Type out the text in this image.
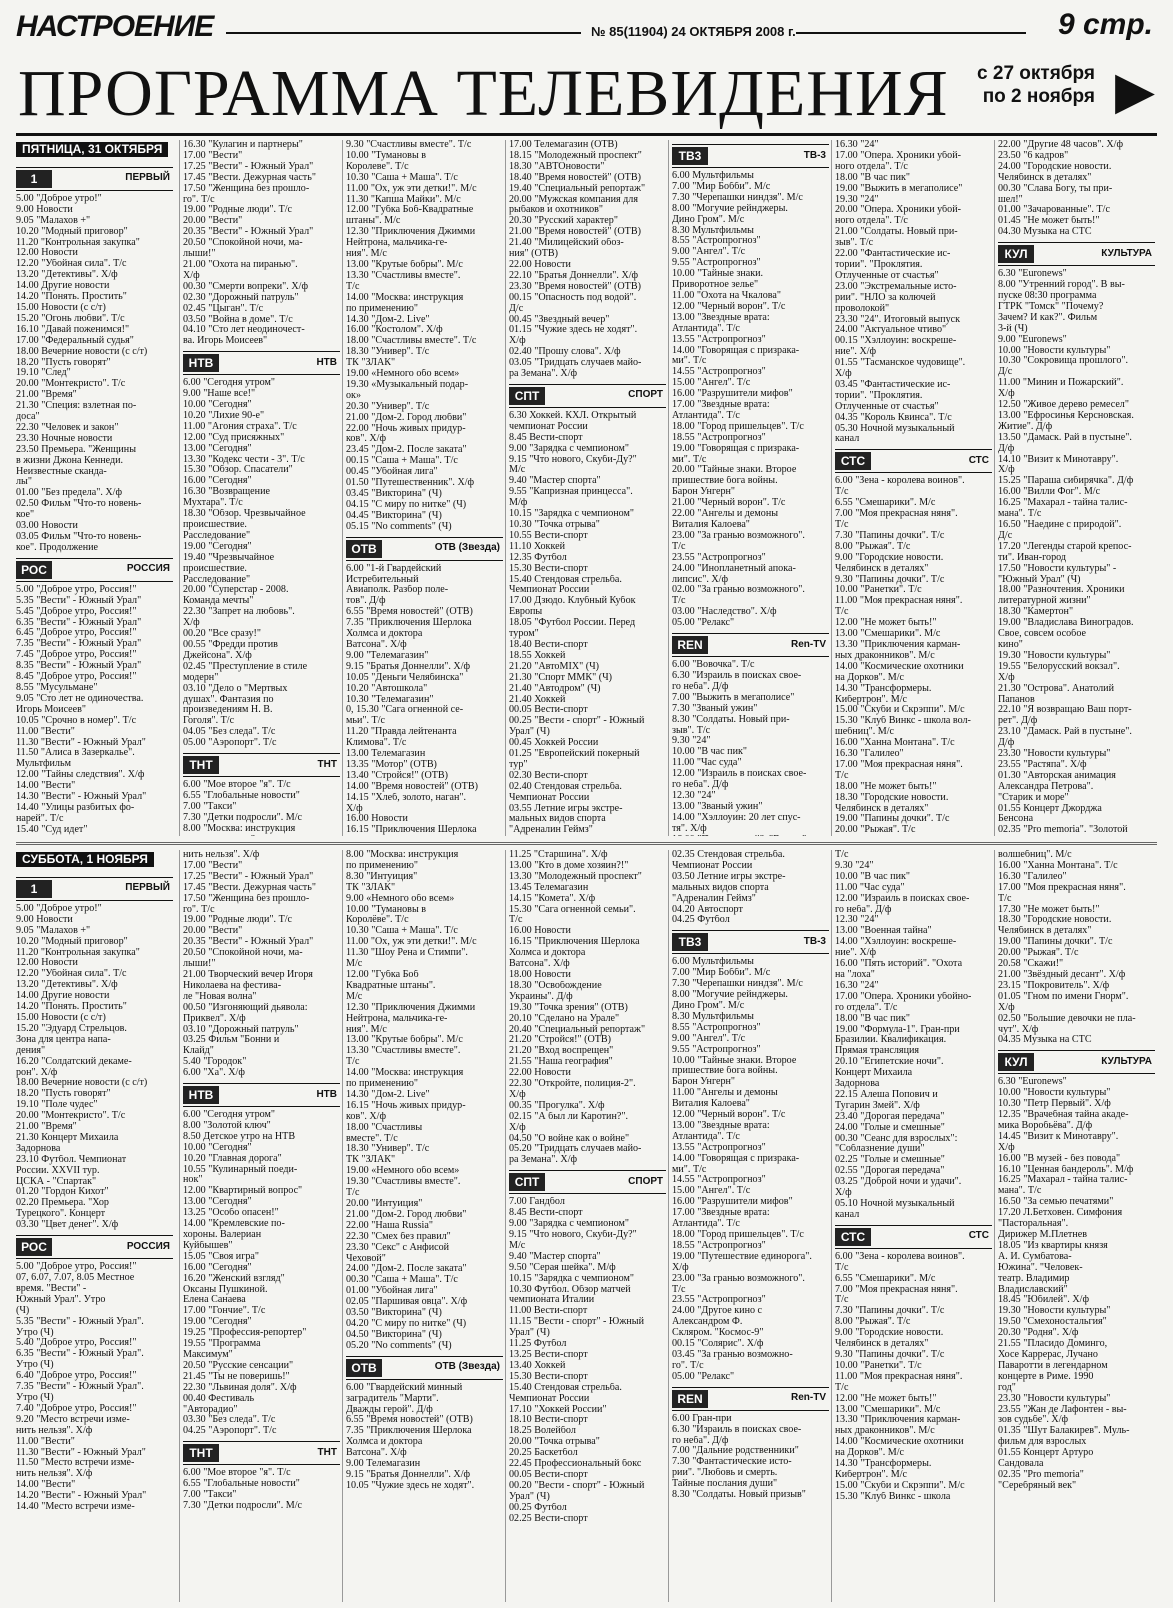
НАСТРОЕНИЕ	№ 85(11904) 24 ОКТЯБРЯ 2008 г.	9 стр.
ПРОГРАММА ТЕЛЕВИДЕНИЯ с 27 октября
по 2 ноября ▶
ПЯТНИЦА, 31 ОКТЯБРЯ
1	ПЕРВЫЙ
5.00 "Доброе утро!"
9.00 Новости
9.05 "Малахов +"
10.20 "Модный приговор"
11.20 "Контрольная закупка"
12.00 Новости
12.20 "Убойная сила". Т/с
13.20 "Детективы". Х/ф
14.00 Другие новости
14.20 "Понять. Простить"
15.00 Новости (с с/т)
15.20 "Огонь любви". Т/с
16.10 "Давай поженимся!"
17.00 "Федеральный судья"
18.00 Вечерние новости (с с/т)
18.20 "Пусть говорят"
19.10 "След"
20.00 "Монтекристо". Т/с
21.00 "Время"
21.30 "Специя: взлетная по-
доса"
22.30 "Человек и закон"
23.30 Ночные новости
23.50 Премьера. "Женщины
в жизни Джона Кеннеди.
Неизвестные сканда-
лы"
01.00 "Без предела". Х/ф
02.50 Фильм "Что-то новень-
кое"
03.00 Новости
03.05 Фильм "Что-то новень-
кое". Продолжение
РОС	РОССИЯ
5.00 "Доброе утро, Россия!"
5.35 "Вести" - Южный Урал"
5.45 "Доброе утро, Россия!"
6.35 "Вести" - Южный Урал"
6.45 "Доброе утро, Россия!"
7.35 "Вести" - Южный Урал"
7.45 "Доброе утро, Россия!"
8.35 "Вести" - Южный Урал"
8.45 "Доброе утро, Россия!"
8.55 "Мусульмане"
9.05 "Сто лет не одиночества.
Игорь Моисеев"
10.05 "Срочно в номер". Т/с
11.00 "Вести"
11.30 "Вести" - Южный Урал"
11.50 "Алиса в Зазеркалье".
Мультфильм
12.00 "Тайны следствия". Х/ф
14.00 "Вести"
14.30 "Вести" - Южный Урал"
14.40 "Улицы разбитых фо-
нарей". Т/с
15.40 "Суд идет"
16.30 "Кулагин и партнеры"
17.00 "Вести"
17.25 "Вести" - Южный Урал"
17.45 "Вести. Дежурная часть"
17.50 "Женщина без прошло-
го". Т/с
19.00 "Родные люди". Т/с
20.00 "Вести"
20.35 "Вести" - Южный Урал"
20.50 "Спокойной ночи, ма-
лыши!"
21.00 "Охота на пиранью".
Х/ф
00.30 "Смерти вопреки". Х/ф
02.30 "Дорожный патруль"
02.45 "Цыган". Т/с
03.50 "Война в доме". Т/с
04.10 "Сто лет неодиночест-
ва. Игорь Моисеев"
НТВ	НТВ
6.00 "Сегодня утром"
9.00 "Наше все!"
10.00 "Сегодня"
10.20 "Лихие 90-е"
11.00 "Агония страха". Т/с
12.00 "Суд присяжных"
13.00 "Сегодня"
13.30 "Кодекс чести - 3". Т/с
15.30 "Обзор. Спасатели"
16.00 "Сегодня"
16.30 "Возвращение
Мухтара". Т/с
18.30 "Обзор. Чрезвычайное
происшествие.
Расследование"
19.00 "Сегодня"
19.40 "Чрезвычайное
происшествие.
Расследование"
20.00 "Суперстар - 2008.
Команда мечты"
22.30 "Запрет на любовь".
Х/ф
00.20 "Все сразу!"
00.55 "Фредди против
Джейсона". Х/ф
02.45 "Преступление в стиле
модерн"
03.10 "Дело о "Мертвых
душах". Фантазия по
произведениям Н. В.
Гоголя". Т/с
04.05 "Без следа". Т/с
05.00 "Аэропорт". Т/с
ТНТ	ТНТ
6.00 "Мое второе "я". Т/с
6.55 "Глобальные новости"
7.00 "Такси"
7.30 "Детки подросли". М/с
8.00 "Москва: инструкция
9.30 "Счастливы вместе". Т/с
10.00 "Тумановы в
Королеве". Т/с
10.30 "Саша + Маша". Т/с
11.00 "Ох, уж эти детки!". М/с
11.30 "Капша Майки". М/с
12.00 "Губка Боб-Квадратные
штаны". М/с
12.30 "Приключения Джимми
Нейтрона, мальчика-ге-
ния". М/с
13.00 "Крутые бобры". М/с
13.30 "Счастливы вместе".
Т/с
14.00 "Москва: инструкция
по применению"
14.30 "Дом-2. Live"
16.00 "Костолом". Х/ф
18.00 "Счастливы вместе". Т/с
18.30 "Универ". Т/с
ТК "ЗЛАК"
19.00 «Немного обо всем»
19.30 «Музыкальный подар-
ок»
20.30 "Универ". Т/с
21.00 "Дом-2. Город любви"
22.00 "Ночь живых придур-
ков". Х/ф
23.45 "Дом-2. После заката"
00.15 "Саша + Маша". Т/с
00.45 "Убойная лига"
01.50 "Путешественник". Х/ф
03.45 "Викторина" (Ч)
04.15 "С миру по нитке" (Ч)
04.45 "Викторина" (Ч)
05.15 "No comments" (Ч)
ОТВ	ОТВ (Звезда)
6.00 "1-й Гвардейский
Истребительный
Авиаполк. Разбор поле-
тов". Д/ф
6.55 "Время новостей" (ОТВ)
7.35 "Приключения Шерлока
Холмса и доктора
Ватсона". Х/ф
9.00 "Телемагазин"
9.15 "Братья Доннелли". Х/ф
10.05 "Деньги Челябинска"
10.20 "Автошкола"
10.30 "Телемагазин"
0, 15.30 "Сага огненной се-
мьи". Т/с
11.20 "Правда лейтенанта
Климова". Т/с
13.00 Телемагазин
13.35 "Мотор" (ОТВ)
13.40 "Стройся!" (ОТВ)
14.00 "Время новостей" (ОТВ)
14.15 "Хлеб, золото, наган".
Х/ф
16.00 Новости
16.15 "Приключения Шерлока
17.00 Телемагазин (ОТВ)
18.15 "Молодежный проспект"
18.30 "АВТОновости"
18.40 "Время новостей" (ОТВ)
19.40 "Специальный репортаж"
20.00 "Мужская компания для
рыбаков и охотников"
20.30 "Русский характер"
21.00 "Время новостей" (ОТВ)
21.40 "Милицейский обоз-
ния" (ОТВ)
22.00 Новости
22.10 "Братья Доннелли". Х/ф
23.30 "Время новостей" (ОТВ)
00.15 "Опасность под водой".
Д/с
00.45 "Звездный вечер"
01.15 "Чужие здесь не ходят".
Х/ф
02.40 "Прошу слова". Х/ф
03.05 "Тридцать случаев майо-
ра Земана". Х/ф
СПТ	СПОРТ
6.30 Хоккей. КХЛ. Открытый
чемпионат России
8.45 Вести-спорт
9.00 "Зарядка с чемпионом"
9.15 "Что нового, Скуби-Ду?"
М/с
9.40 "Мастер спорта"
9.55 "Капризная принцесса".
М/ф
10.15 "Зарядка с чемпионом"
10.30 "Точка отрыва"
10.55 Вести-спорт
11.10 Хоккей
12.35 Футбол
15.30 Вести-спорт
15.40 Стендовая стрельба.
Чемпионат России
17.00 Дзюдо. Клубный Кубок
Европы
18.05 "Футбол России. Перед
туром"
18.40 Вести-спорт
18.55 Хоккей
21.20 "АвтоMIX" (Ч)
21.30 "Спорт ММК" (Ч)
21.40 "Автодром" (Ч)
21.40 Хоккей
00.05 Вести-спорт
00.25 "Вести - спорт" - Южный
Урал" (Ч)
00.45 Хоккей России
01.25 "Европейский покерный
тур"
02.30 Вести-спорт
02.40 Стендовая стрельба.
Чемпионат России
03.55 Летние игры экстре-
мальных видов спорта
"Адреналин Геймз"
ТВ3	ТВ-3
6.00 Мультфильмы
7.00 "Мир Бобби". М/с
7.30 "Черепашки ниндзя". М/с
8.00 "Могучие рейнджеры.
Дино Гром". М/с
8.30 Мультфильмы
8.55 "Астропрогноз"
9.00 "Ангел". Т/с
9.55 "Астропрогноз"
10.00 "Тайные знаки.
Приворотное зелье"
11.00 "Охота на Чкалова"
12.00 "Черный ворон". Т/с
13.00 "Звездные врата:
Атлантида". Т/с
13.55 "Астропрогноз"
14.00 "Говорящая с призрака-
ми". Т/с
14.55 "Астропрогноз"
15.00 "Ангел". Т/с
16.00 "Разрушители мифов"
17.00 "Звездные врата:
Атлантида". Т/с
18.00 "Город пришельцев". Т/с
18.55 "Астропрогноз"
19.00 "Говорящая с призрака-
ми". Т/с
20.00 "Тайные знаки. Второе
пришествие бога войны.
Барон Унгерн"
21.00 "Черный ворон". Т/с
22.00 "Ангелы и демоны
Виталия Калоева"
23.00 "За гранью возможного".
Т/с
23.55 "Астропрогноз"
24.00 "Инопланетный апока-
липсис". Х/ф
02.00 "За гранью возможного".
Т/с
03.00 "Наследство". Х/ф
05.00 "Релакс"
REN	Ren-TV
6.00 "Вовочка". Т/с
6.30 "Израиль в поисках свое-
го неба". Д/ф
7.00 "Выжить в мегаполисе"
7.30 "Званый ужин"
8.30 "Солдаты. Новый при-
зыв". Т/с
9.30 "24"
10.00 "В час пик"
11.00 "Час суда"
12.00 "Израиль в поисках свое-
го неба". Д/ф
12.30 "24"
13.00 "Званый ужин"
14.00 "Хэллоуин: 20 лет спус-
тя". Х/ф
16.30 "24"
17.00 "Опера. Хроники убой-
ного отдела". Т/с
18.00 "В час пик"
19.00 "Выжить в мегаполисе"
19.30 "24"
20.00 "Опера. Хроники убой-
ного отдела". Т/с
21.00 "Солдаты. Новый при-
зыв". Т/с
22.00 "Фантастические ис-
тории". "Проклятия.
Отлученные от счастья"
23.00 "Экстремальные исто-
рии". "НЛО за колючей
проволокой"
23.30 "24". Итоговый выпуск
24.00 "Актуальное чтиво"
00.15 "Хэллоуин: воскреше-
ние". Х/ф
01.55 "Тасманское чудовище".
Х/ф
03.45 "Фантастические ис-
тории". "Проклятия.
Отлученные от счастья"
04.35 "Король Квинса". Т/с
05.30 Ночной музыкальный
канал
СТС	СТС
6.00 "Зена - королева воинов".
Т/с
6.55 "Смешарики". М/с
7.00 "Моя прекрасная няня".
Т/с
7.30 "Папины дочки". Т/с
8.00 "Рыжая". Т/с
9.00 "Городские новости.
Челябинск в деталях"
9.30 "Папины дочки". Т/с
10.00 "Ранетки". Т/с
11.00 "Моя прекрасная няня".
Т/с
12.00 "Не может быть!"
13.00 "Смешарики". М/с
13.30 "Приключения карман-
ных драконников". М/с
14.00 "Космические охотники
на Дорков". М/с
14.30 "Трансформеры.
Кибертрон". М/с
15.00 "Скуби и Скрэппи". М/с
15.30 "Клуб Винкс - школа вол-
шебниц". М/с
16.00 "Ханна Монтана". Т/с
16.30 "Галилео"
17.00 "Моя прекрасная няня".
Т/с
18.00 "Не может быть!"
18.30 "Городские новости.
Челябинск в деталях"
19.00 "Папины дочки". Т/с
20.00 "Рыжая". Т/с
22.00 "Другие 48 часов". Х/ф
23.50 "6 кадров"
24.00 "Городские новости.
Челябинск в деталях"
00.30 "Слава Богу, ты при-
шел!"
01.00 "Зачарованные". Т/с
01.45 "Не может быть!"
04.30 Музыка на СТС
КУЛ	КУЛЬТУРА
6.30 "Euronews"
8.00 "Утренний город". В вы-
пуске 08:30 программа
ГТРК "Томск" "Почему?
Зачем? И как?". Фильм
3-й (Ч)
9.00 "Euronews"
10.00 "Новости культуры"
10.30 "Сокровища прошлого".
Д/с
11.00 "Минин и Пожарский".
Х/ф
12.50 "Живое дерево ремесел"
13.00 "Ефросинья Керсновская.
Житие". Д/ф
13.50 "Дамаск. Рай в пустыне".
Д/ф
14.10 "Визит к Минотавру".
Х/ф
15.25 "Параша сибирячка". Д/ф
16.00 "Вилли Фог". М/с
16.25 "Махарал - тайна талис-
мана". Т/с
16.50 "Наедине с природой".
Д/с
17.20 "Легенды старой крепос-
ти". Иван-город
17.50 "Новости культуры" -
"Южный Урал" (Ч)
18.00 "Разночтения. Хроники
литературной жизни"
18.30 "Камертон"
19.00 "Владислава Виноградов.
Свое, совсем особое
кино"
19.30 "Новости культуры"
19.55 "Белорусский вокзал".
Х/ф
21.30 "Острова". Анатолий
Папанов
22.10 "Я возвращаю Ваш порт-
рет". Д/ф
23.10 "Дамаск. Рай в пустыне".
Д/ф
23.30 "Новости культуры"
23.55 "Растяпа". Х/ф
01.30 "Авторская анимация
Александра Петрова".
"Старик и море"
01.55 Концерт Джорджа
Бенсона
02.35 "Pro memoria". "Золотой
СУББОТА, 1 НОЯБРЯ
1	ПЕРВЫЙ
5.00 "Доброе утро!"
9.00 Новости
9.05 "Малахов +"
10.20 "Модный приговор"
11.20 "Контрольная закупка"
12.00 Новости
12.20 "Убойная сила". Т/с
13.20 "Детективы". Х/ф
14.00 Другие новости
14.20 "Понять. Простить"
15.00 Новости (с с/т)
15.20 "Эдуард Стрельцов.
Зона для центра напа-
дения"
16.20 "Солдатский декаме-
рон". Х/ф
18.00 Вечерние новости (с с/т)
18.20 "Пусть говорят"
19.10 "Поле чудес"
20.00 "Монтекристо". Т/с
21.00 "Время"
21.30 Концерт Михаила
Задорнова
23.10 Футбол. Чемпионат
России. XXVII тур.
ЦСКА - "Спартак"
01.20 "Гордон Кихот"
02.20 Премьера. "Хор
Турецкого". Концерт
03.30 "Цвет денег". Х/ф
РОС	РОССИЯ
5.00 "Доброе утро, Россия!"
07, 6.07, 7.07, 8.05 Местное
время. "Вести" -
Южный Урал". Утро
(Ч)
5.35 "Вести" - Южный Урал".
Утро (Ч)
5.40 "Доброе утро, Россия!"
6.35 "Вести" - Южный Урал".
Утро (Ч)
6.40 "Доброе утро, Россия!"
7.35 "Вести" - Южный Урал".
Утро (Ч)
7.40 "Доброе утро, Россия!"
9.20 "Место встречи изме-
нить нельзя". Х/ф
11.00 "Вести"
11.30 "Вести" - Южный Урал"
11.50 "Место встречи изме-
нить нельзя". Х/ф
14.00 "Вести"
14.20 "Вести" - Южный Урал"
14.40 "Место встречи изме-
нить нельзя". Х/ф
17.00 "Вести"
17.25 "Вести" - Южный Урал"
17.45 "Вести. Дежурная часть"
17.50 "Женщина без прошло-
го". Т/с
19.00 "Родные люди". Т/с
20.00 "Вести"
20.35 "Вести" - Южный Урал"
20.50 "Спокойной ночи, ма-
лыши!"
21.00 Творческий вечер Игоря
Николаева на фестива-
ле "Новая волна"
00.50 "Изгоняющий дьявола:
Приквел". Х/ф
03.10 "Дорожный патруль"
03.25 Фильм "Бонни и
Клайд"
5.40 "Городок"
6.00 "Ха". Х/ф
НТВ	НТВ
6.00 "Сегодня утром"
8.00 "Золотой ключ"
8.50 Детское утро на НТВ
10.00 "Сегодня"
10.20 "Главная дорога"
10.55 "Кулинарный поеди-
нок"
12.00 "Квартирный вопрос"
13.00 "Сегодня"
13.25 "Особо опасен!"
14.00 "Кремлевские по-
хороны. Валериан
Куйбышев"
15.05 "Своя игра"
16.00 "Сегодня"
16.20 "Женский взгляд"
Оксаны Пушкиной.
Елена Санаева
17.00 "Гончие". Т/с
19.00 "Сегодня"
19.25 "Профессия-репортер"
19.55 "Программа
Максимум"
20.50 "Русские сенсации"
21.45 "Ты не поверишь!"
22.30 "Львиная доля". Х/ф
00.40 Фестиваль
"Авторадио"
03.30 "Без следа". Т/с
04.25 "Аэропорт". Т/с
ТНТ	ТНТ
6.00 "Мое второе "я". Т/с
6.55 "Глобальные новости"
7.00 "Такси"
7.30 "Детки подросли". М/с
8.00 "Москва: инструкция
по применению"
8.30 "Интуиция"
ТК "ЗЛАК"
9.00 «Немного обо всем»
10.00 "Тумановы в
Королёве". Т/с
10.30 "Саша + Маша". Т/с
11.00 "Ох, уж эти детки!". М/с
11.30 "Шоу Рена и Стимпи".
М/с
12.00 "Губка Боб
Квадратные штаны".
М/с
12.30 "Приключения Джимми
Нейтрона, мальчика-ге-
ния". М/с
13.00 "Крутые бобры". М/с
13.30 "Счастливы вместе".
Т/с
14.00 "Москва: инструкция
по применению"
14.30 "Дом-2. Live"
16.15 "Ночь живых придур-
ков". Х/ф
18.00 "Счастливы
вместе". Т/с
18.30 "Универ". Т/с
ТК "ЗЛАК"
19.00 «Немного обо всем»
19.30 "Счастливы вместе".
Т/с
20.00 "Интуиция"
21.00 "Дом-2. Город любви"
22.00 "Наша Russia"
22.30 "Смех без правил"
23.30 "Секс" с Анфисой
Чеховой"
24.00 "Дом-2. После заката"
00.30 "Саша + Маша". Т/с
01.00 "Убойная лига"
02.05 "Паршивая овца". Х/ф
03.50 "Викторина" (Ч)
04.20 "С миру по нитке" (Ч)
04.50 "Викторина" (Ч)
05.20 "No comments" (Ч)
ОТВ	ОТВ (Звезда)
6.00 "Гвардейский минный
заградитель "Марти".
Дважды герой". Д/ф
6.55 "Время новостей" (ОТВ)
7.35 "Приключения Шерлока
Холмса и доктора
Ватсона". Х/ф
9.00 Телемагазин
9.15 "Братья Доннелли". Х/ф
10.05 "Чужие здесь не ходят".
11.25 "Старшина". Х/ф
13.00 "Кто в доме хозяин?!"
13.30 "Молодежный проспект"
13.45 Телемагазин
14.15 "Комета". Х/ф
15.30 "Сага огненной семьи".
Т/с
16.00 Новости
16.15 "Приключения Шерлока
Холмса и доктора
Ватсона". Х/ф
18.00 Новости
18.30 "Освобождение
Украины". Д/ф
19.30 "Точка зрения" (ОТВ)
20.10 "Сделано на Урале"
20.40 "Специальный репортаж"
21.20 "Стройся!" (ОТВ)
21.20 "Вход воспрещен"
21.55 "Наша география"
22.00 Новости
22.30 "Откройте, полиция-2".
Х/ф
00.35 "Прогулка". Х/ф
02.15 "А был ли Каротин?".
Х/ф
04.50 "О войне как о войне"
05.20 "Тридцать случаев майо-
ра Земана". Х/ф
СПТ	СПОРТ
7.00 Гандбол
8.45 Вести-спорт
9.00 "Зарядка с чемпионом"
9.15 "Что нового, Скуби-Ду?"
М/с
9.40 "Мастер спорта"
9.50 "Серая шейка". М/ф
10.15 "Зарядка с чемпионом"
10.30 Футбол. Обзор матчей
чемпионата Италии
11.00 Вести-спорт
11.15 "Вести - спорт" - Южный
Урал" (Ч)
11.25 Футбол
13.25 Вести-спорт
13.40 Хоккей
15.30 Вести-спорт
15.40 Стендовая стрельба.
Чемпионат России
17.10 "Хоккей России"
18.10 Вести-спорт
18.25 Волейбол
20.00 "Точка отрыва"
20.25 Баскетбол
22.45 Профессиональный бокс
00.05 Вести-спорт
00.20 "Вести - спорт" - Южный
Урал" (Ч)
00.25 Футбол
02.25 Вести-спорт
02.35 Стендовая стрельба.
Чемпионат России
03.50 Летние игры экстре-
мальных видов спорта
"Адреналин Геймз"
04.20 Автоспорт
04.25 Футбол
ТВ3	ТВ-3
6.00 Мультфильмы
7.00 "Мир Бобби". М/с
7.30 "Черепашки ниндзя". М/с
8.00 "Могучие рейнджеры.
Дино Гром". М/с
8.30 Мультфильмы
8.55 "Астропрогноз"
9.00 "Ангел". Т/с
9.55 "Астропрогноз"
10.00 "Тайные знаки. Второе
пришествие бога войны.
Барон Унгерн"
11.00 "Ангелы и демоны
Виталия Калоева"
12.00 "Черный ворон". Т/с
13.00 "Звездные врата:
Атлантида". Т/с
13.55 "Астропрогноз"
14.00 "Говорящая с призрака-
ми". Т/с
14.55 "Астропрогноз"
15.00 "Ангел". Т/с
16.00 "Разрушители мифов"
17.00 "Звездные врата:
Атлантида". Т/с
18.00 "Город пришельцев". Т/с
18.55 "Астропрогноз"
19.00 "Путешествие единорога".
Х/ф
23.00 "За гранью возможного".
Т/с
23.55 "Астропрогноз"
24.00 "Другое кино с
Александром Ф.
Скляром. "Космос-9"
00.15 "Солярис". Х/ф
03.45 "За гранью возможно-
го". Т/с
05.00 "Релакс"
REN	Ren-TV
6.00 Гран-при
6.30 "Израиль в поисках свое-
го неба". Д/ф
7.00 "Дальние родственники"
7.30 "Фантастические исто-
рии". "Любовь и смерть.
Тайные послания души"
8.30 "Солдаты. Новый призыв"
Т/с
9.30 "24"
10.00 "В час пик"
11.00 "Час суда"
12.00 "Израиль в поисках свое-
го неба". Д/ф
12.30 "24"
13.00 "Военная тайна"
14.00 "Хэллоуин: воскреше-
ние". Х/ф
16.00 "Пять историй". "Охота
на "лоха"
16.30 "24"
17.00 "Опера. Хроники убойно-
го отдела". Т/с
18.00 "В час пик"
19.00 "Формула-1". Гран-при
Бразилии. Квалификация.
Прямая трансляция
20.10 "Египетские ночи".
Концерт Михаила
Задорнова
22.15 Алеша Попович и
Тугарин Змей". Х/ф
23.40 "Дорогая передача"
24.00 "Голые и смешные"
00.30 "Сеанс для взрослых":
"Соблазнение души"
02.25 "Голые и смешные"
02.55 "Дорогая передача"
03.25 "Доброй ночи и удачи".
Х/ф
05.10 Ночной музыкальный
канал
СТС	СТС
6.00 "Зена - королева воинов".
Т/с
6.55 "Смешарики". М/с
7.00 "Моя прекрасная няня".
Т/с
7.30 "Папины дочки". Т/с
8.00 "Рыжая". Т/с
9.00 "Городские новости.
Челябинск в деталях"
9.30 "Папины дочки". Т/с
10.00 "Ранетки". Т/с
11.00 "Моя прекрасная няня".
Т/с
12.00 "Не может быть!"
13.00 "Смешарики". М/с
13.30 "Приключения карман-
ных драконников". М/с
14.00 "Космические охотники
на Дорков". М/с
14.30 "Трансформеры.
Кибертрон". М/с
15.00 "Скуби и Скрэппи". М/с
15.30 "Клуб Винкс - школа
волшебниц". М/с
16.00 "Ханна Монтана". Т/с
16.30 "Галилео"
17.00 "Моя прекрасная няня".
Т/с
17.30 "Не может быть!"
18.30 "Городские новости.
Челябинск в деталях"
19.00 "Папины дочки". Т/с
20.00 "Рыжая". Т/с
20.58 "Скажи!"
21.00 "Звёздный десант". Х/ф
23.15 "Покровитель". Х/ф
01.05 "Гном по имени Гнорм".
Х/ф
02.50 "Большие девочки не пла-
чут". Х/ф
04.35 Музыка на СТС
КУЛ	КУЛЬТУРА
6.30 "Euronews"
10.00 "Новости культуры"
10.30 "Петр Первый". Х/ф
12.35 "Врачебная тайна акаде-
мика Воробьёва". Д/ф
14.45 "Визит к Минотавру".
Х/ф
16.00 "В музей - без повода"
16.10 "Ценная бандероль". М/ф
16.25 "Махарал - тайна талис-
мана". Т/с
16.50 "За семью печатями"
17.20 Л.Бетховен. Симфония
"Пасторальная".
Дирижер М.Плетнев
18.05 "Из квартиры князя
А. И. Сумбатова-
Южина". "Человек-
театр. Владимир
Владиславский"
18.45 "Юбилей". Х/ф
19.30 "Новости культуры"
19.50 "Смехоностальгия"
20.30 "Родня". Х/ф
21.55 "Пласидо Доминго,
Хосе Каррерас, Лучано
Паваротти в легендарном
концерте в Риме. 1990
год"
23.30 "Новости культуры"
23.55 "Жан де Лафонтен - вы-
зов судьбе". Х/ф
01.35 "Шут Балакирев". Муль-
фильм для взрослых
01.55 Концерт Артуро
Сандовала
02.35 "Pro memoria"
"Серебряный век"
